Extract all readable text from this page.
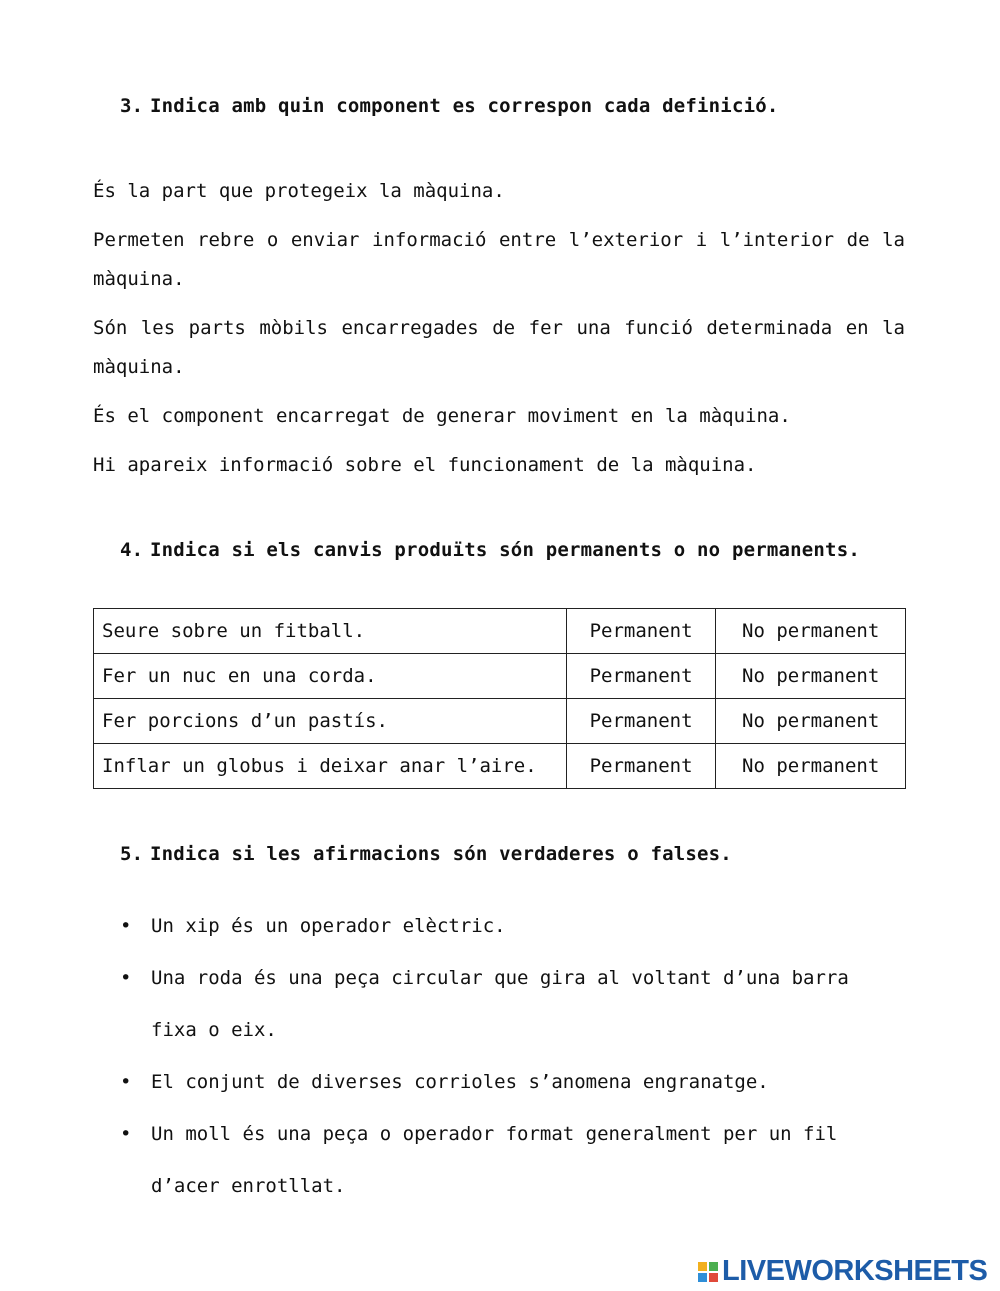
3. Indica amb quin component es correspon cada definició.
És la part que protegeix la màquina.
Permeten rebre o enviar informació entre l’exterior i l’interior de la màquina.
Són les parts mòbils encarregades de fer una funció determinada en la màquina.
És el component encarregat de generar moviment en la màquina.
Hi apareix informació sobre el funcionament de la màquina.
4. Indica si els canvis produïts són permanents o no permanents.
Seure sobre un fitball.	Permanent	No permanent
Fer un nuc en una corda.	Permanent	No permanent
Fer porcions d’un pastís.	Permanent	No permanent
Inflar un globus i deixar anar l’aire.	Permanent	No permanent
5. Indica si les afirmacions són verdaderes o falses.
• Un xip és un operador elèctric.
• Una roda és una peça circular que gira al voltant d’una barra fixa o eix.
• El conjunt de diverses corrioles s’anomena engranatge.
• Un moll és una peça o operador format generalment per un fil d’acer enrotllat.
LIVEWORKSHEETS
